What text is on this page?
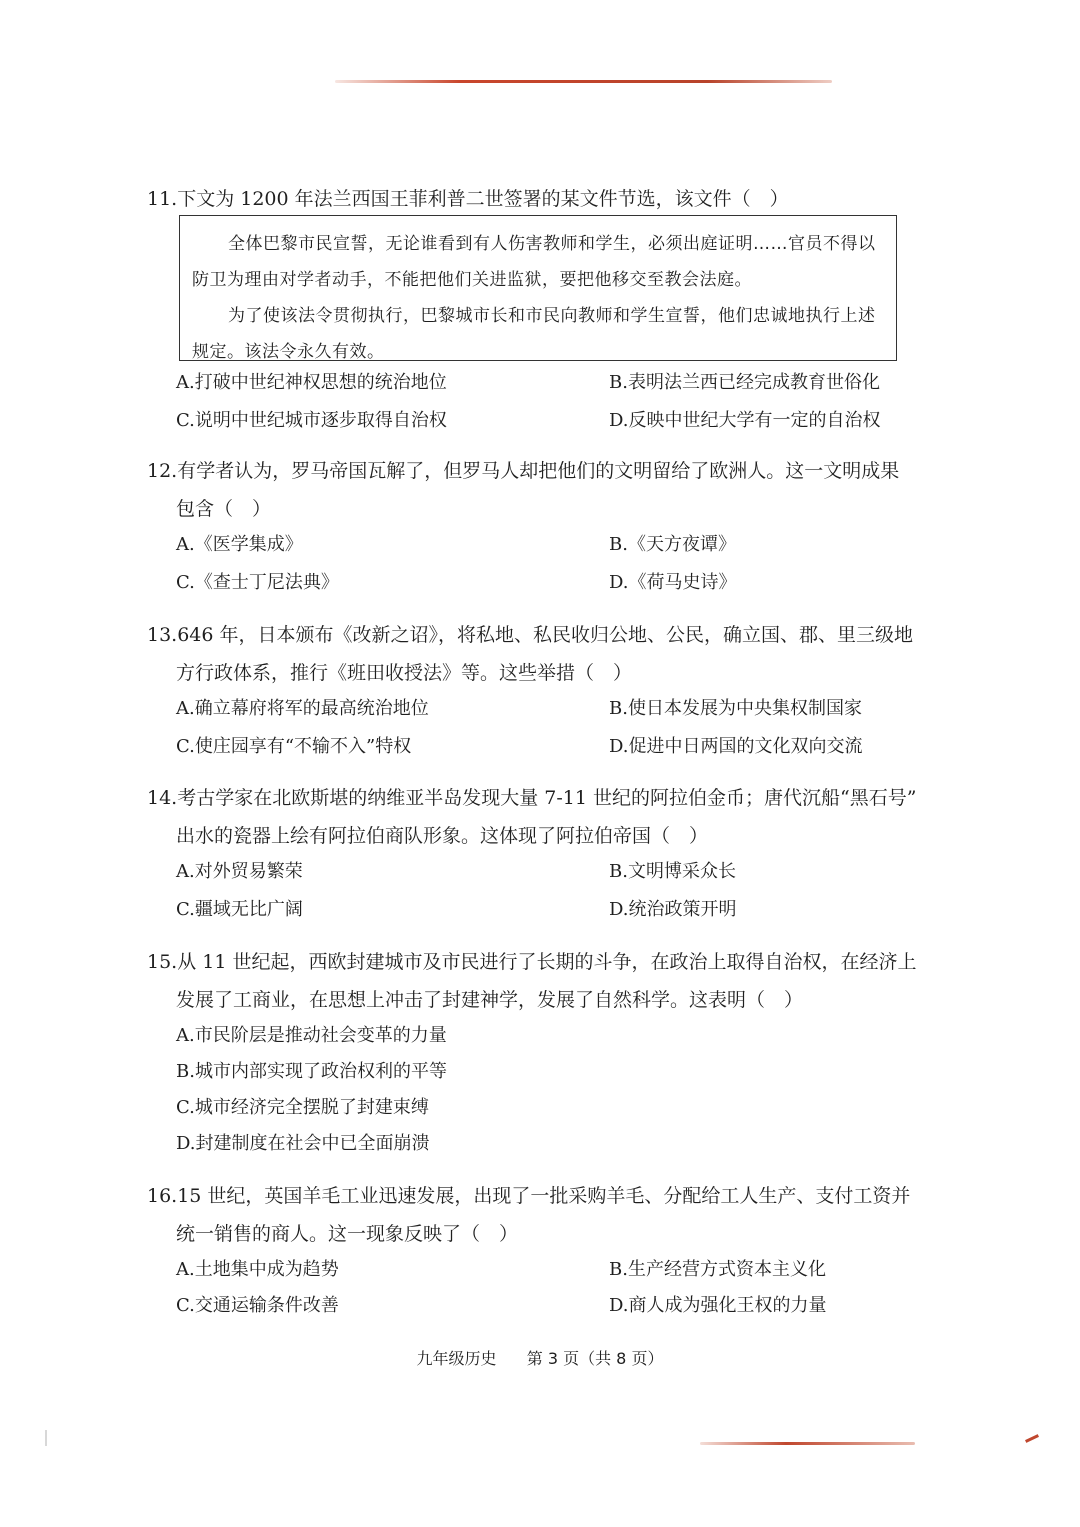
11.下文为 1200 年法兰西国王菲利普二世签署的某文件节选，该文件（　）

全体巴黎市民宣誓，无论谁看到有人伤害教师和学生，必须出庭证明……官员不得以防卫为理由对学者动手，不能把他们关进监狱，要把他移交至教会法庭。

为了使该法令贯彻执行，巴黎城市长和市民向教师和学生宣誓，他们忠诚地执行上述规定。该法令永久有效。

A.打破中世纪神权思想的统治地位	B.表明法兰西已经完成教育世俗化
C.说明中世纪城市逐步取得自治权	D.反映中世纪大学有一定的自治权
12.有学者认为，罗马帝国瓦解了，但罗马人却把他们的文明留给了欧洲人。这一文明成果
包含（　）
A.《医学集成》	B.《天方夜谭》
C.《查士丁尼法典》	D.《荷马史诗》
13.646 年，日本颁布《改新之诏》，将私地、私民收归公地、公民，确立国、郡、里三级地
方行政体系，推行《班田收授法》等。这些举措（　）
A.确立幕府将军的最高统治地位	B.使日本发展为中央集权制国家
C.使庄园享有“不输不入”特权	D.促进中日两国的文化双向交流
14.考古学家在北欧斯堪的纳维亚半岛发现大量 7-11 世纪的阿拉伯金币；唐代沉船“黑石号”
出水的瓷器上绘有阿拉伯商队形象。这体现了阿拉伯帝国（　）
A.对外贸易繁荣	B.文明博采众长
C.疆域无比广阔	D.统治政策开明
15.从 11 世纪起，西欧封建城市及市民进行了长期的斗争，在政治上取得自治权，在经济上
发展了工商业，在思想上冲击了封建神学，发展了自然科学。这表明（　）
A.市民阶层是推动社会变革的力量
B.城市内部实现了政治权利的平等
C.城市经济完全摆脱了封建束缚
D.封建制度在社会中已全面崩溃
16.15 世纪，英国羊毛工业迅速发展，出现了一批采购羊毛、分配给工人生产、支付工资并
统一销售的商人。这一现象反映了（　）
A.土地集中成为趋势	B.生产经营方式资本主义化
C.交通运输条件改善	D.商人成为强化王权的力量
九年级历史 第 3 页（共 8 页）
